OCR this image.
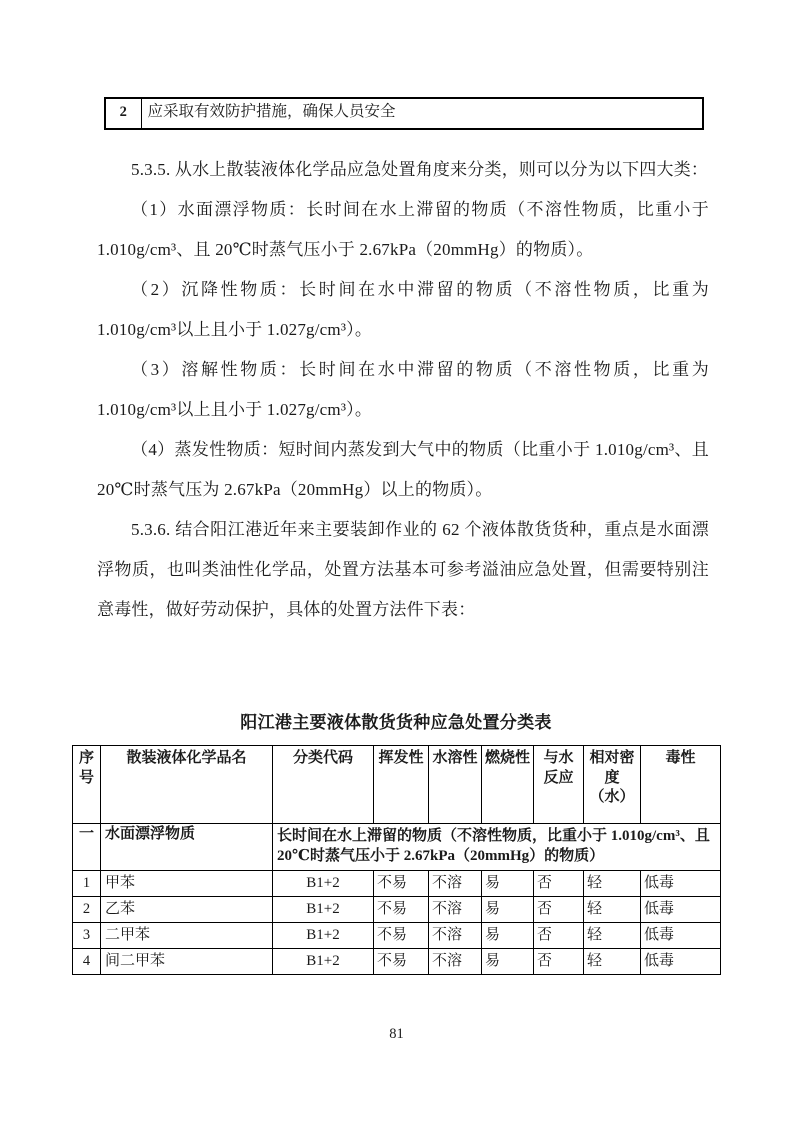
2	应采取有效防护措施，确保人员安全

5.3.5. 从水上散装液体化学品应急处置角度来分类，则可以分为以下四大类：

（1）水面漂浮物质：长时间在水上滞留的物质（不溶性物质，比重小于 1.010g/cm³、且 20℃时蒸气压小于 2.67kPa（20mmHg）的物质）。

（2）沉降性物质：长时间在水中滞留的物质（不溶性物质，比重为 1.010g/cm³以上且小于 1.027g/cm³）。

（3）溶解性物质：长时间在水中滞留的物质（不溶性物质，比重为 1.010g/cm³以上且小于 1.027g/cm³）。

（4）蒸发性物质：短时间内蒸发到大气中的物质（比重小于 1.010g/cm³、且 20℃时蒸气压为 2.67kPa（20mmHg）以上的物质）。

5.3.6. 结合阳江港近年来主要装卸作业的 62 个液体散货货种，重点是水面漂浮物质，也叫类油性化学品，处置方法基本可参考溢油应急处置，但需要特别注意毒性，做好劳动保护，具体的处置方法件下表：

阳江港主要液体散货货种应急处置分类表
序号	散装液体化学品名	分类代码	挥发性	水溶性	燃烧性	与水反应	相对密度（水）	毒性
一	水面漂浮物质	长时间在水上滞留的物质（不溶性物质，比重小于 1.010g/cm³、且 20℃时蒸气压小于 2.67kPa（20mmHg）的物质）						
1	甲苯	B1+2	不易	不溶	易	否	轻	低毒
2	乙苯	B1+2	不易	不溶	易	否	轻	低毒
3	二甲苯	B1+2	不易	不溶	易	否	轻	低毒
4	间二甲苯	B1+2	不易	不溶	易	否	轻	低毒
81
